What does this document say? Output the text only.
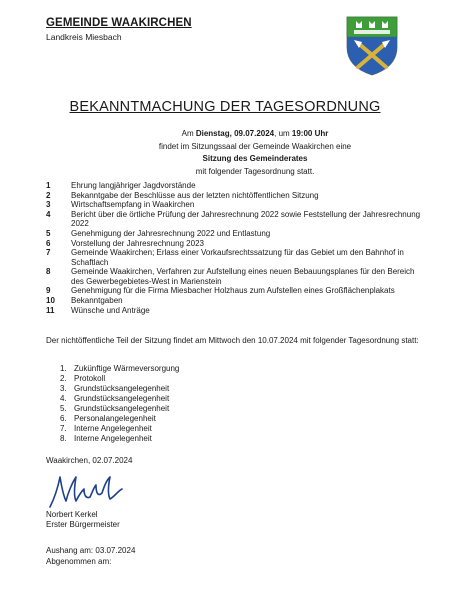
GEMEINDE WAAKIRCHEN
Landkreis Miesbach
BEKANNTMACHUNG DER TAGESORDNUNG
Am Dienstag, 09.07.2024, um 19:00 Uhr
findet im Sitzungssaal der Gemeinde Waakirchen eine
Sitzung des Gemeinderates
mit folgender Tagesordnung statt.
1	Ehrung langjähriger Jagdvorstände
2	Bekanntgabe der Beschlüsse aus der letzten nichtöffentlichen Sitzung
3	Wirtschaftsempfang in Waakirchen
4	Bericht über die örtliche Prüfung der Jahresrechnung 2022 sowie Feststellung der Jahresrechnung 2022
5	Genehmigung der Jahresrechnung 2022 und Entlastung
6	Vorstellung der Jahresrechnung 2023
7	Gemeinde Waakirchen; Erlass einer Vorkaufsrechtssatzung für das Gebiet um den Bahnhof in Schaftlach
8	Gemeinde Waakirchen, Verfahren zur Aufstellung eines neuen Bebauungsplanes für den Bereich des Gewerbegebietes-West in Marienstein
9	Genehmigung für die Firma Miesbacher Holzhaus zum Aufstellen eines Großflächenplakats
10	Bekanntgaben
11	Wünsche und Anträge
Der nichtöffentliche Teil der Sitzung findet am Mittwoch den 10.07.2024 mit folgender Tagesordnung statt:
1. Zukünftige Wärmeversorgung
2. Protokoll
3. Grundstücksangelegenheit
4. Grundstücksangelegenheit
5. Grundstücksangelegenheit
6. Personalangelegenheit
7. Interne Angelegenheit
8. Interne Angelegenheit
Waakirchen, 02.07.2024
Norbert Kerkel
Erster Bürgermeister
Aushang am: 03.07.2024
Abgenommen am:
